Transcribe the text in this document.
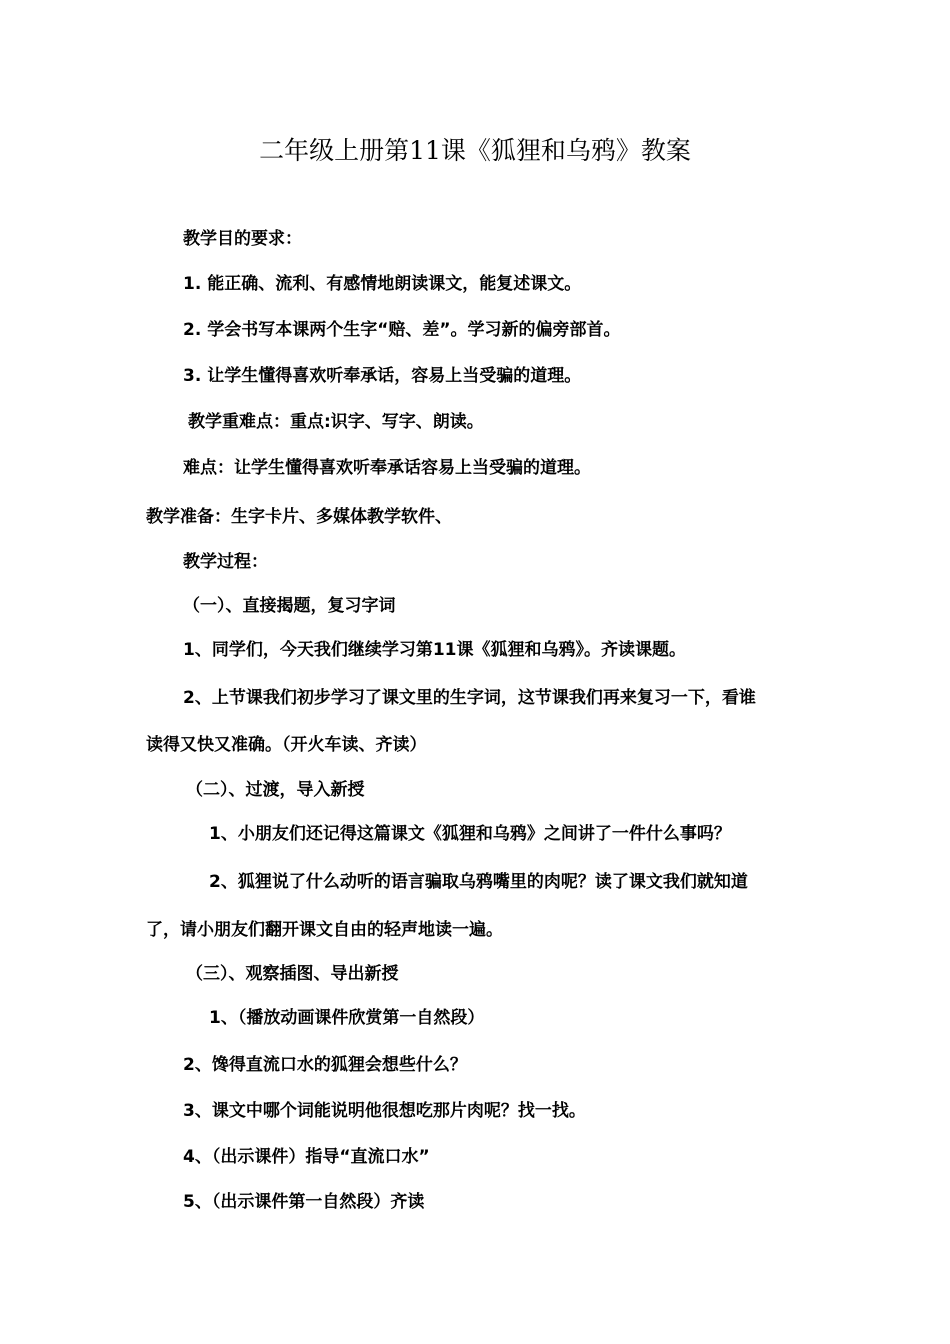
二年级上册第11课《狐狸和乌鸦》教案
教学目的要求：
1. 能正确、流利、有感情地朗读课文，能复述课文。
2. 学会书写本课两个生字“赔、差”。学习新的偏旁部首。
3. 让学生懂得喜欢听奉承话，容易上当受骗的道理。
教学重难点：重点:识字、写字、朗读。
难点：让学生懂得喜欢听奉承话容易上当受骗的道理。
教学准备：生字卡片、多媒体教学软件、
教学过程：
（一）、直接揭题，复习字词
1、同学们，今天我们继续学习第11课《狐狸和乌鸦》。齐读课题。
2、上节课我们初步学习了课文里的生字词，这节课我们再来复习一下，看谁
读得又快又准确。（开火车读、齐读）
（二）、过渡，导入新授
1、小朋友们还记得这篇课文《狐狸和乌鸦》之间讲了一件什么事吗？
2、狐狸说了什么动听的语言骗取乌鸦嘴里的肉呢？读了课文我们就知道
了，请小朋友们翻开课文自由的轻声地读一遍。
（三）、观察插图、导出新授
1、（播放动画课件欣赏第一自然段）
2、馋得直流口水的狐狸会想些什么？
3、课文中哪个词能说明他很想吃那片肉呢？找一找。
4、（出示课件）指导“直流口水”
5、（出示课件第一自然段）齐读
